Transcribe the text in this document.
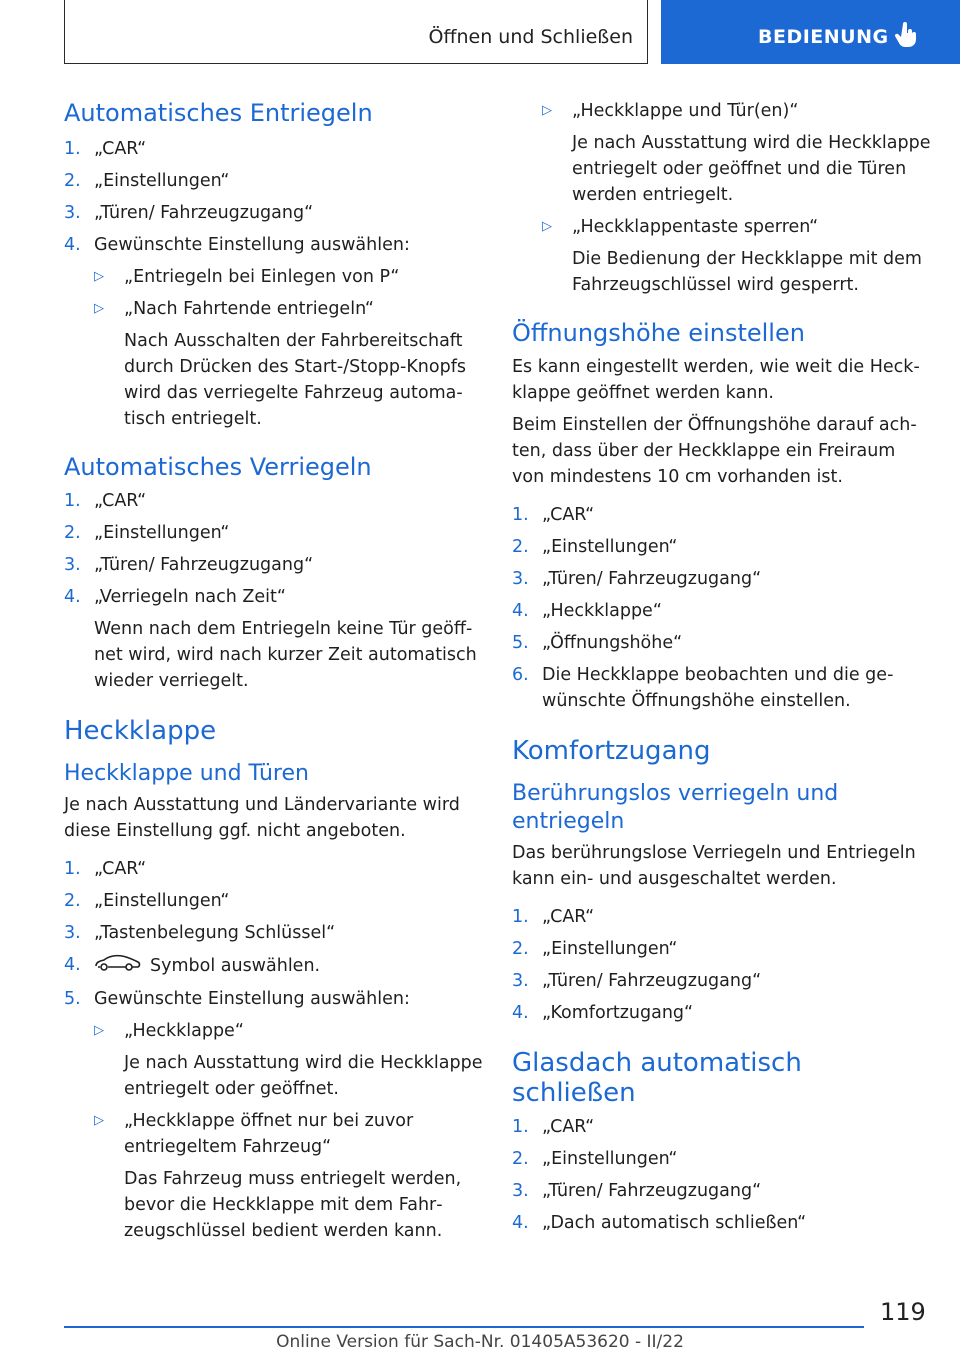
Öffnen und Schließen	BEDIENUNG
Automatisches Entriegeln
1. „CAR“
2. „Einstellungen“
3. „Türen/ Fahrzeugzugang“
4. Gewünschte Einstellung auswählen:
▷ „Entriegeln bei Einlegen von P“
▷ „Nach Fahrtende entriegeln“
Nach Ausschalten der Fahrbereitschaft durch Drücken des Start-/Stopp-Knopfs wird das verriegelte Fahrzeug automatisch entriegelt.
Automatisches Verriegeln
1. „CAR“
2. „Einstellungen“
3. „Türen/ Fahrzeugzugang“
4. „Verriegeln nach Zeit“
Wenn nach dem Entriegeln keine Tür geöffnet wird, wird nach kurzer Zeit automatisch wieder verriegelt.
Heckklappe
Heckklappe und Türen

Je nach Ausstattung und Ländervariante wird diese Einstellung ggf. nicht angeboten.

1. „CAR“
2. „Einstellungen“
3. „Tastenbelegung Schlüssel“
4.	Symbol auswählen.
5. Gewünschte Einstellung auswählen:
▷ „Heckklappe“
Je nach Ausstattung wird die Heckklappe entriegelt oder geöffnet.
▷ „Heckklappe öffnet nur bei zuvor entriegeltem Fahrzeug“
Das Fahrzeug muss entriegelt werden, bevor die Heckklappe mit dem Fahrzeugschlüssel bedient werden kann.
▷ „Heckklappe und Tür(en)“
Je nach Ausstattung wird die Heckklappe entriegelt oder geöffnet und die Türen werden entriegelt.
▷ „Heckklappentaste sperren“
Die Bedienung der Heckklappe mit dem Fahrzeugschlüssel wird gesperrt.
Öffnungshöhe einstellen

Es kann eingestellt werden, wie weit die Heckklappe geöffnet werden kann.

Beim Einstellen der Öffnungshöhe darauf achten, dass über der Heckklappe ein Freiraum von mindestens 10 cm vorhanden ist.

1. „CAR“
2. „Einstellungen“
3. „Türen/ Fahrzeugzugang“
4. „Heckklappe“
5. „Öffnungshöhe“
6. Die Heckklappe beobachten und die gewünschte Öffnungshöhe einstellen.
Komfortzugang
Berührungslos verriegeln und entriegeln

Das berührungslose Verriegeln und Entriegeln kann ein- und ausgeschaltet werden.

1. „CAR“
2. „Einstellungen“
3. „Türen/ Fahrzeugzugang“
4. „Komfortzugang“
Glasdach automatisch schließen
1. „CAR“
2. „Einstellungen“
3. „Türen/ Fahrzeugzugang“
4. „Dach automatisch schließen“
119
Online Version für Sach-Nr. 01405A53620 - II/22
